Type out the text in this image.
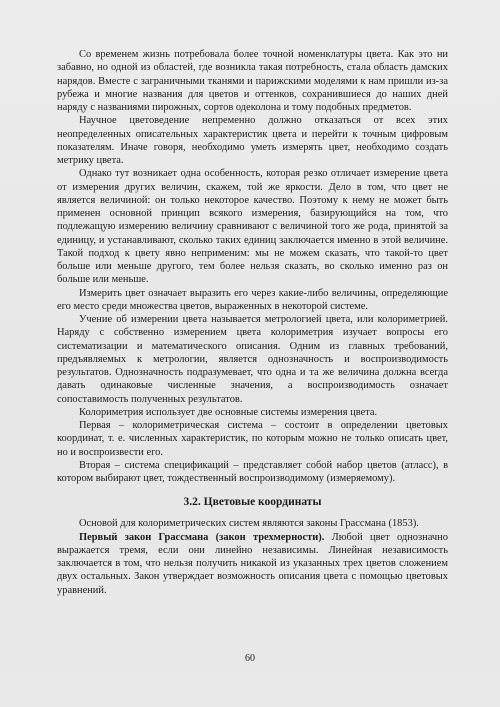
Со временем жизнь потребовала более точной номенклатуры цвета. Как это ни забавно, но одной из областей, где возникла такая потребность, стала область дамских нарядов. Вместе с заграничными тканями и парижскими моделями к нам пришли из-за рубежа и многие названия для цветов и оттенков, сохранившиеся до наших дней наряду с названиями пирожных, сортов одеколона и тому подобных предметов.

Научное цветоведение непременно должно отказаться от всех этих неопределенных описательных характеристик цвета и перейти к точным цифровым показателям. Иначе говоря, необходимо уметь измерять цвет, необходимо создать метрику цвета.

Однако тут возникает одна особенность, которая резко отличает измерение цвета от измерения других величин, скажем, той же яркости. Дело в том, что цвет не является величиной: он только некоторое качество. Поэтому к нему не может быть применен основной принцип всякого измерения, базирующийся на том, что подлежащую измерению величину сравнивают с величиной того же рода, принятой за единицу, и устанавливают, сколько таких единиц заключается именно в этой величине. Такой подход к цвету явно неприменим: мы не можем сказать, что такой-то цвет больше или меньше другого, тем более нельзя сказать, во сколько именно раз он больше или меньше.

Измерить цвет означает выразить его через какие-либо величины, определяющие его место среди множества цветов, выраженных в некоторой системе.

Учение об измерении цвета называется метрологией цвета, или колориметрией. Наряду с собственно измерением цвета колориметрия изучает вопросы его систематизации и математического описания. Одним из главных требований, предъявляемых к метрологии, является однозначность и воспроизводимость результатов. Однозначность подразумевает, что одна и та же величина должна всегда давать одинаковые численные значения, а воспроизводимость означает сопоставимость полученных результатов.

Колориметрия использует две основные системы измерения цвета.

Первая – колориметрическая система – состоит в определении цветовых координат, т. е. численных характеристик, по которым можно не только описать цвет, но и воспроизвести его.

Вторая – система спецификаций – представляет собой набор цветов (атласс), в котором выбирают цвет, тождественный воспроизводимому (измеряемому).

3.2. Цветовые координаты

Основой для колориметрических систем являются законы Грассмана (1853).

Первый закон Грассмана (закон трехмерности). Любой цвет однозначно выражается тремя, если они линейно независимы. Линейная независимость заключается в том, что нельзя получить никакой из указанных трех цветов сложением двух остальных. Закон утверждает возможность описания цвета с помощью цветовых уравнений.

60
